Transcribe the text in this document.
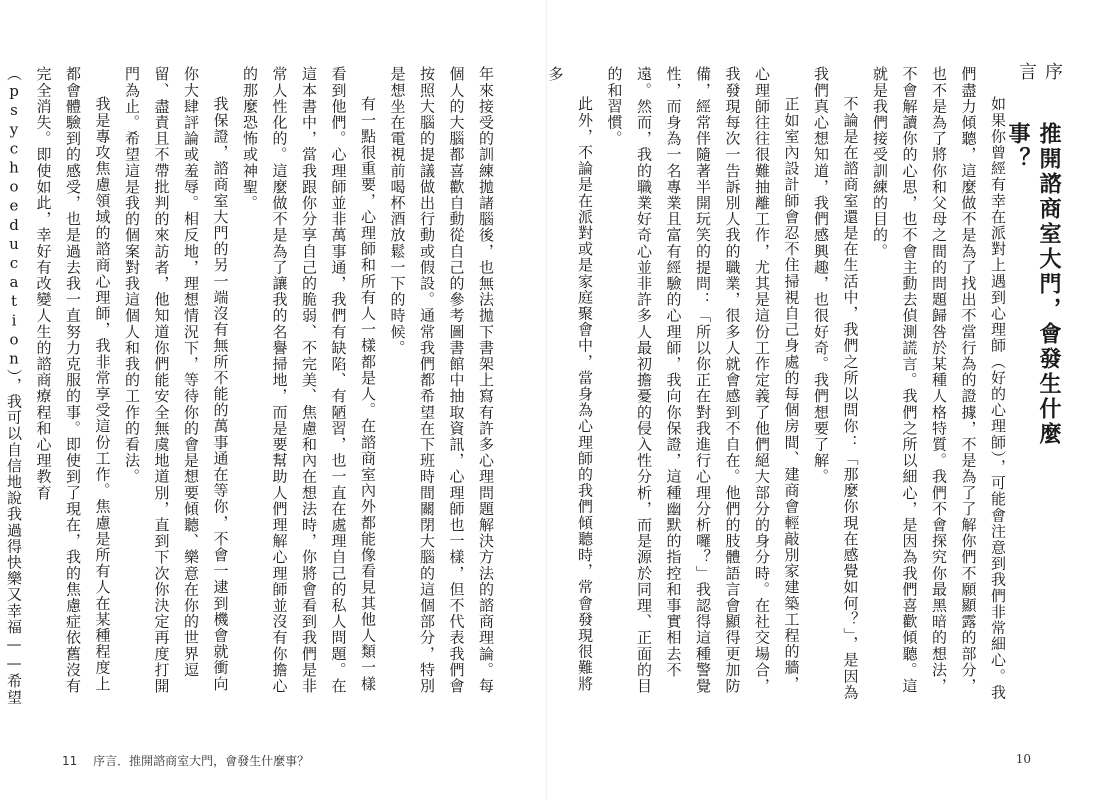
年來接受的訓練拋諸腦後，也無法拋下書架上寫有許多心理問題解決方法的諮商理論。每個人的大腦都喜歡自動從自己的參考圖書館中抽取資訊，心理師也一樣，但不代表我們會按照大腦的提議做出行動或假設。通常我們都希望在下班時間關閉大腦的這個部分，特別是想坐在電視前喝杯酒放鬆一下的時候。

有一點很重要，心理師和所有人一樣都是人。在諮商室內外都能像看見其他人類一樣看到他們。心理師並非萬事通，我們有缺陷、有陋習，也一直在處理自己的私人問題。在這本書中，當我跟你分享自己的脆弱、不完美、焦慮和內在想法時，你將會看到我們是非常人性化的。這麼做不是為了讓我的名譽掃地，而是要幫助人們理解心理師並沒有你擔心的那麼恐怖或神聖。

我保證，諮商室大門的另一端沒有無所不能的萬事通在等你，不會一逮到機會就衝向你大肆評論或羞辱。相反地，理想情況下，等待你的會是想要傾聽、樂意在你的世界逗留、盡責且不帶批判的來訪者，他知道你們能安全無虞地道別，直到下次你決定再度打開門為止。希望這是我的個案對我這個人和我的工作的看法。

我是專攻焦慮領域的諮商心理師，我非常享受這份工作。焦慮是所有人在某種程度上都會體驗到的感受，也是過去我一直努力克服的事。即使到了現在，我的焦慮症依舊沒有完全消失。即使如此，幸好有改變人生的諮商療程和心理教育（psychoeducation），我可以自信地說我過得快樂又幸福——希望

11 序言．推開諮商室大門，會發生什麼事？
序言
推開諮商室大門，會發生什麼事？

如果你曾經有幸在派對上遇到心理師（好的心理師），可能會注意到我們非常細心。我們盡力傾聽，這麼做不是為了找出不當行為的證據，不是為了了解你們不願顯露的部分，也不是為了將你和父母之間的問題歸咎於某種人格特質。我們不會探究你最黑暗的想法，不會解讀你的心思，也不會主動去偵測謊言。我們之所以細心，是因為我們喜歡傾聽。這就是我們接受訓練的目的。

不論是在諮商室還是在生活中，我們之所以問你：「那麼你現在感覺如何？」，是因為我們真心想知道，我們感興趣，也很好奇。我們想要了解。

正如室內設計師會忍不住掃視自己身處的每個房間、建商會輕敲別家建築工程的牆，心理師往往很難抽離工作，尤其是這份工作定義了他們絕大部分的身分時。在社交場合，我發現每次一告訴別人我的職業，很多人就會感到不自在。他們的肢體語言會顯得更加防備，經常伴隨著半開玩笑的提問：「所以你正在對我進行心理分析囉？」我認得這種警覺性，而身為一名專業且富有經驗的心理師，我向你保證，這種幽默的指控和事實相去不遠。然而，我的職業好奇心並非許多人最初擔憂的侵入性分析，而是源於同理、正面的目的和習慣。

此外，不論是在派對或是家庭聚會中，當身為心理師的我們傾聽時，常會發現很難將多

10
